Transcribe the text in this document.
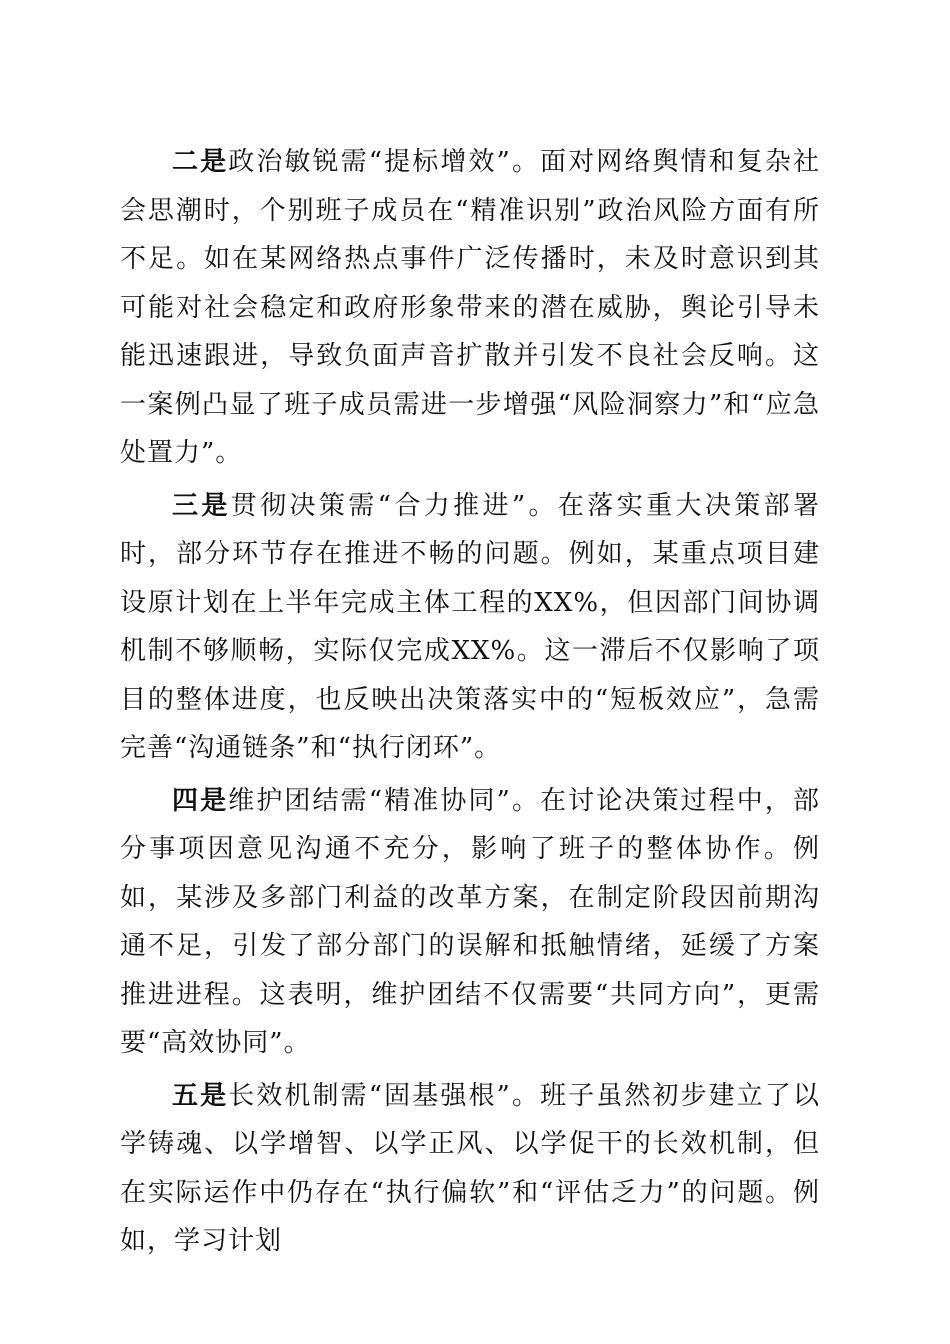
二是政治敏锐需“提标增效”。面对网络舆情和复杂社会思潮时，个别班子成员在“精准识别”政治风险方面有所不足。如在某网络热点事件广泛传播时，未及时意识到其可能对社会稳定和政府形象带来的潜在威胁，舆论引导未能迅速跟进，导致负面声音扩散并引发不良社会反响。这一案例凸显了班子成员需进一步增强“风险洞察力”和“应急处置力”。

三是贯彻决策需“合力推进”。在落实重大决策部署时，部分环节存在推进不畅的问题。例如，某重点项目建设原计划在上半年完成主体工程的XX%，但因部门间协调机制不够顺畅，实际仅完成XX%。这一滞后不仅影响了项目的整体进度，也反映出决策落实中的“短板效应”，急需完善“沟通链条”和“执行闭环”。

四是维护团结需“精准协同”。在讨论决策过程中，部分事项因意见沟通不充分，影响了班子的整体协作。例如，某涉及多部门利益的改革方案，在制定阶段因前期沟通不足，引发了部分部门的误解和抵触情绪，延缓了方案推进进程。这表明，维护团结不仅需要“共同方向”，更需要“高效协同”。

五是长效机制需“固基强根”。班子虽然初步建立了以学铸魂、以学增智、以学正风、以学促干的长效机制，但在实际运作中仍存在“执行偏软”和“评估乏力”的问题。例如，学习计划
